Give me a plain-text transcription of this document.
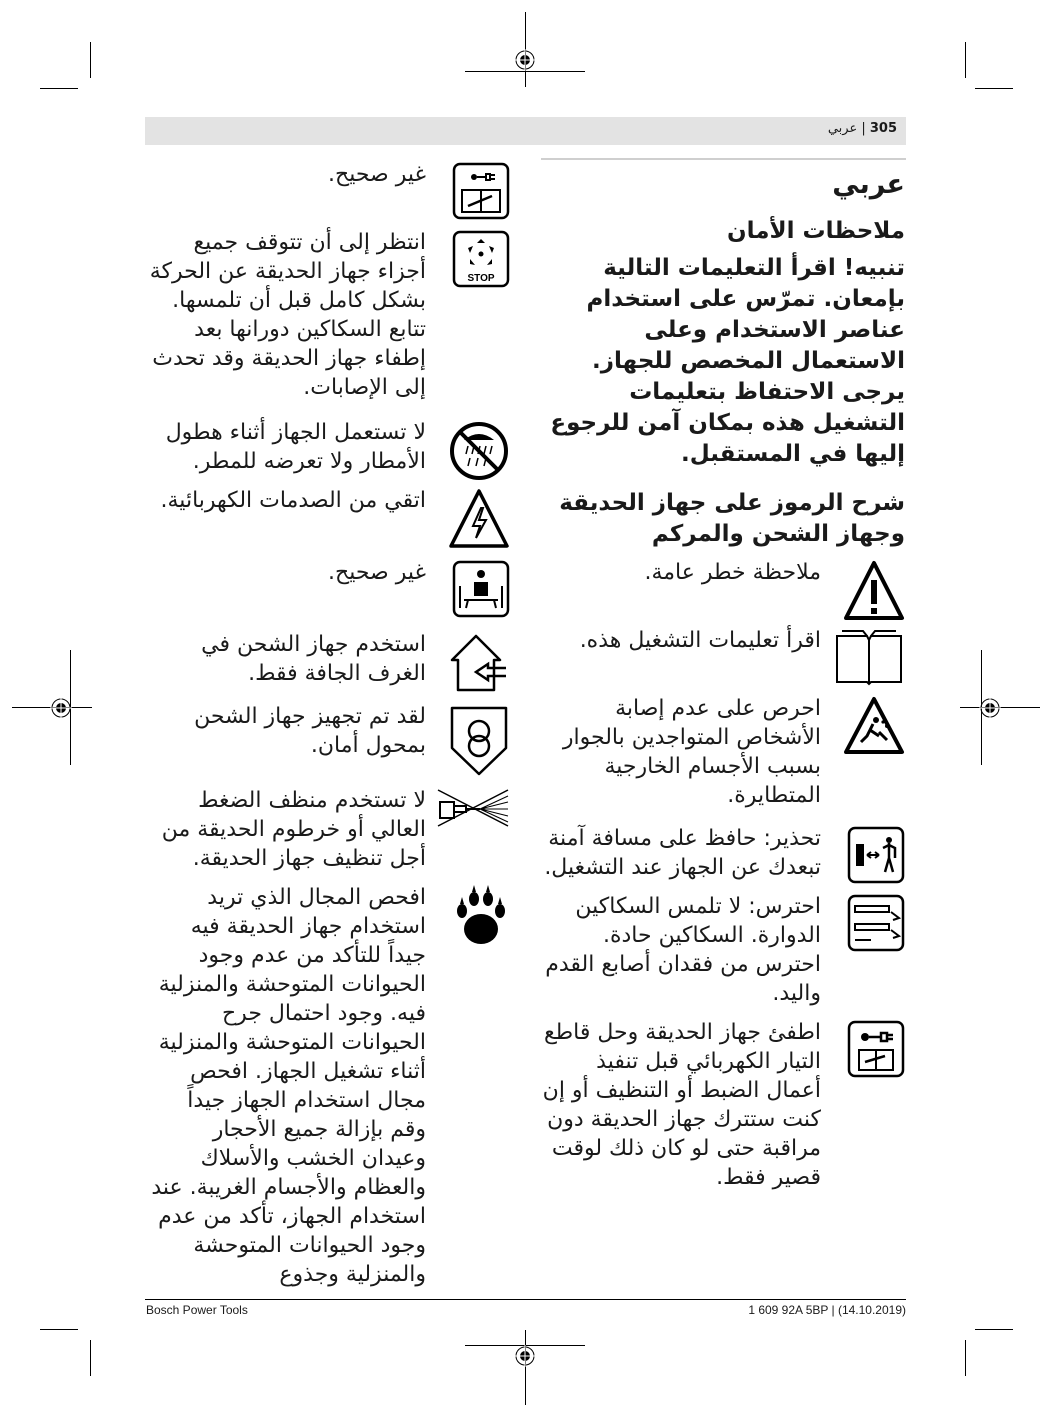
305 | عربي
عربي
ملاحظات الأمان
تنبيه! اقرأ التعليمات التالية بإمعان. تمرّس على استخدام عناصر الاستخدام وعلى الاستعمال المخصص للجهاز. يرجى الاحتفاظ بتعليمات التشغيل هذه بمكان آمن للرجوع إليها في المستقبل.
شرح الرموز على جهاز الحديقة وجهاز الشحن والمركم
ملاحظة خطر عامة.
اقرأ تعليمات التشغيل هذه.
احرص على عدم إصابة الأشخاص المتواجدين بالجوار بسبب الأجسام الخارجية المتطايرة.
تحذير: حافظ على مسافة آمنة تبعدك عن الجهاز عند التشغيل.
احترس: لا تلمس السكاكين الدوارة. السكاكين حادة. احترس من فقدان أصابع القدم واليد.
اطفئ جهاز الحديقة وحل قاطع التيار الكهربائي قبل تنفيذ أعمال الضبط أو التنظيف أو إن كنت ستترك جهاز الحديقة دون مراقبة حتى لو كان ذلك لوقت قصير فقط.
غير صحيح.
STOP
انتظر إلى أن تتوقف جميع أجزاء جهاز الحديقة عن الحركة بشكل كامل قبل أن تلمسها. تتابع السكاكين دورانها بعد إطفاء جهاز الحديقة وقد تحدث إلى الإصابات.
لا تستعمل الجهاز أثناء هطول الأمطار ولا تعرضه للمطر.
اتقي من الصدمات الكهربائية.
غير صحيح.
استخدم جهاز الشحن في الغرف الجافة فقط.
لقد تم تجهيز جهاز الشحن بمحول أمان.
لا تستخدم منظف الضغط العالي أو خرطوم الحديقة من أجل تنظيف جهاز الحديقة.
افحص المجال الذي تريد استخدام جهاز الحديقة فيه جيداً للتأكد من عدم وجود الحيوانات المتوحشة والمنزلية فيه. وجود احتمال جرح الحيوانات المتوحشة والمنزلية أثناء تشغيل الجهاز. افحص مجال استخدام الجهاز جيداً وقم بإزالة جميع الأحجار وعيدان الخشب والأسلاك والعظام والأجسام الغريبة. عند استخدام الجهاز، تأكد من عدم وجود الحيوانات المتوحشة والمنزلية وجذوع
Bosch Power Tools	1 609 92A 5BP | (14.10.2019)
